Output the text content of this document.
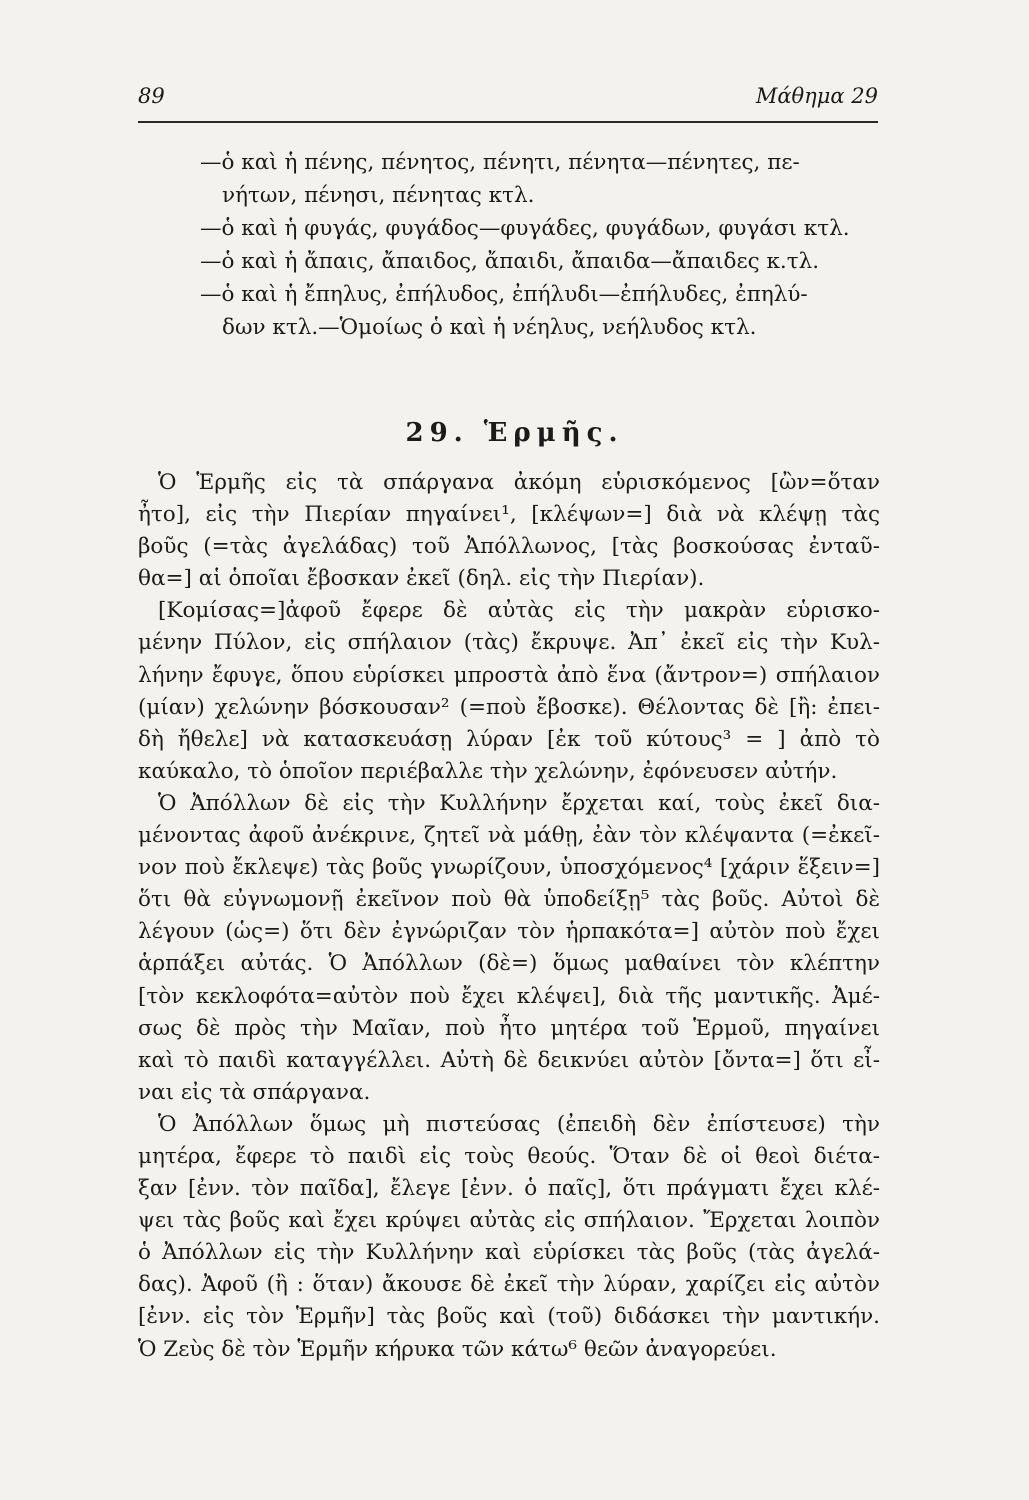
89	Μάθημα 29
—ὁ καὶ ἡ πένης, πένητος, πένητι, πένητα—πένητες, πε-
νήτων, πένησι, πένητας κτλ.
—ὁ καὶ ἡ φυγάς, φυγάδος—φυγάδες, φυγάδων, φυγάσι κτλ.
—ὁ καὶ ἡ ἄπαις, ἄπαιδος, ἄπαιδι, ἄπαιδα—ἄπαιδες κ.τλ.
—ὁ καὶ ἡ ἔπηλυς, ἐπήλυδος, ἐπήλυδι—ἐπήλυδες, ἐπηλύ-
δων κτλ.—Ὁμοίως ὁ καὶ ἡ νέηλυς, νεήλυδος κτλ.
29. Ἑρμῆς.
Ὁ Ἑρμῆς εἰς τὰ σπάργανα ἀκόμη εὑρισκόμενος [ὢν=ὅταν
ἦτο], εἰς τὴν Πιερίαν πηγαίνει¹, [κλέψων=] διὰ νὰ κλέψῃ τὰς
βοῦς (=τὰς ἀγελάδας) τοῦ Ἀπόλλωνος, [τὰς βοσκούσας ἐνταῦ-
θα=] αἱ ὁποῖαι ἔβοσκαν ἐκεῖ (δηλ. εἰς τὴν Πιερίαν).
[Κομίσας=]ἀφοῦ ἔφερε δὲ αὐτὰς εἰς τὴν μακρὰν εὑρισκο-
μένην Πύλον, εἰς σπήλαιον (τὰς) ἔκρυψε. Ἀπ᾿ ἐκεῖ εἰς τὴν Κυλ-
λήνην ἔφυγε, ὅπου εὑρίσκει μπροστὰ ἀπὸ ἕνα (ἄντρον=) σπήλαιον
(μίαν) χελώνην βόσκουσαν² (=ποὺ ἔβοσκε). Θέλοντας δὲ [ἢ: ἐπει-
δὴ ἤθελε] νὰ κατασκευάσῃ λύραν [ἐκ τοῦ κύτους³ = ] ἀπὸ τὸ
καύκαλο, τὸ ὁποῖον περιέβαλλε τὴν χελώνην, ἐφόνευσεν αὐτήν.
Ὁ Ἀπόλλων δὲ εἰς τὴν Κυλλήνην ἔρχεται καί, τοὺς ἐκεῖ δια-
μένοντας ἀφοῦ ἀνέκρινε, ζητεῖ νὰ μάθῃ, ἐὰν τὸν κλέψαντα (=ἐκεῖ-
νον ποὺ ἔκλεψε) τὰς βοῦς γνωρίζουν, ὑποσχόμενος⁴ [χάριν ἕξειν=]
ὅτι θὰ εὐγνωμονῇ ἐκεῖνον ποὺ θὰ ὑποδείξῃ⁵ τὰς βοῦς. Αὐτοὶ δὲ
λέγουν (ὡς=) ὅτι δὲν ἐγνώριζαν τὸν ἡρπακότα=] αὐτὸν ποὺ ἔχει
ἁρπάξει αὐτάς. Ὁ Ἀπόλλων (δὲ=) ὅμως μαθαίνει τὸν κλέπτην
[τὸν κεκλοφότα=αὐτὸν ποὺ ἔχει κλέψει], διὰ τῆς μαντικῆς. Ἀμέ-
σως δὲ πρὸς τὴν Μαῖαν, ποὺ ἦτο μητέρα τοῦ Ἑρμοῦ, πηγαίνει
καὶ τὸ παιδὶ καταγγέλλει. Αὐτὴ δὲ δεικνύει αὐτὸν [ὄντα=] ὅτι εἶ-
ναι εἰς τὰ σπάργανα.
Ὁ Ἀπόλλων ὅμως μὴ πιστεύσας (ἐπειδὴ δὲν ἐπίστευσε) τὴν
μητέρα, ἔφερε τὸ παιδὶ εἰς τοὺς θεούς. Ὅταν δὲ οἱ θεοὶ διέτα-
ξαν [ἐνν. τὸν παῖδα], ἔλεγε [ἐνν. ὁ παῖς], ὅτι πράγματι ἔχει κλέ-
ψει τὰς βοῦς καὶ ἔχει κρύψει αὐτὰς εἰς σπήλαιον. Ἔρχεται λοιπὸν
ὁ Ἀπόλλων εἰς τὴν Κυλλήνην καὶ εὑρίσκει τὰς βοῦς (τὰς ἀγελά-
δας). Ἀφοῦ (ἢ : ὅταν) ἄκουσε δὲ ἐκεῖ τὴν λύραν, χαρίζει εἰς αὐτὸν
[ἐνν. εἰς τὸν Ἑρμῆν] τὰς βοῦς καὶ (τοῦ) διδάσκει τὴν μαντικήν.
Ὁ Ζεὺς δὲ τὸν Ἑρμῆν κήρυκα τῶν κάτω⁶ θεῶν ἀναγορεύει.
